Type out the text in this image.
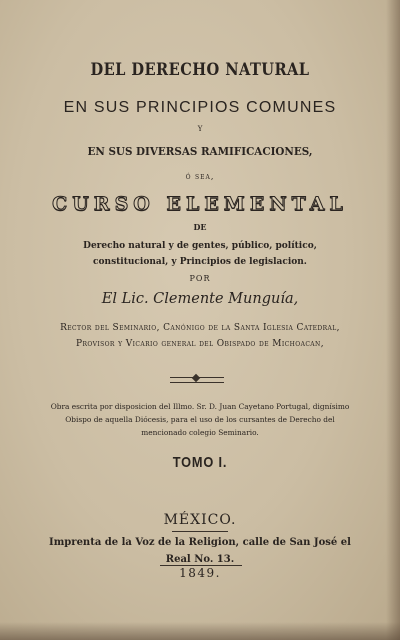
DEL DERECHO NATURAL
EN SUS PRINCIPIOS COMUNES
Y
EN SUS DIVERSAS RAMIFICACIONES,
ó sea,
CURSO ELEMENTAL
DE
Derecho natural y de gentes, público, político, constitucional, y Principios de legislacion.
POR
El Lic. Clemente Munguía,
Rector del Seminario, Canónigo de la Santa Iglesia Catedral, Provisor y Vicario general del Obispado de Michoacan,
Obra escrita por disposicion del Illmo. Sr. D. Juan Cayetano Portugal, dignísimo Obispo de aquella Diócesis, para el uso de los cursantes de Derecho del mencionado colegio Seminario.
TOMO I.
MÉXICO.
Imprenta de la Voz de la Religion, calle de San José el Real No. 13.
1849.
